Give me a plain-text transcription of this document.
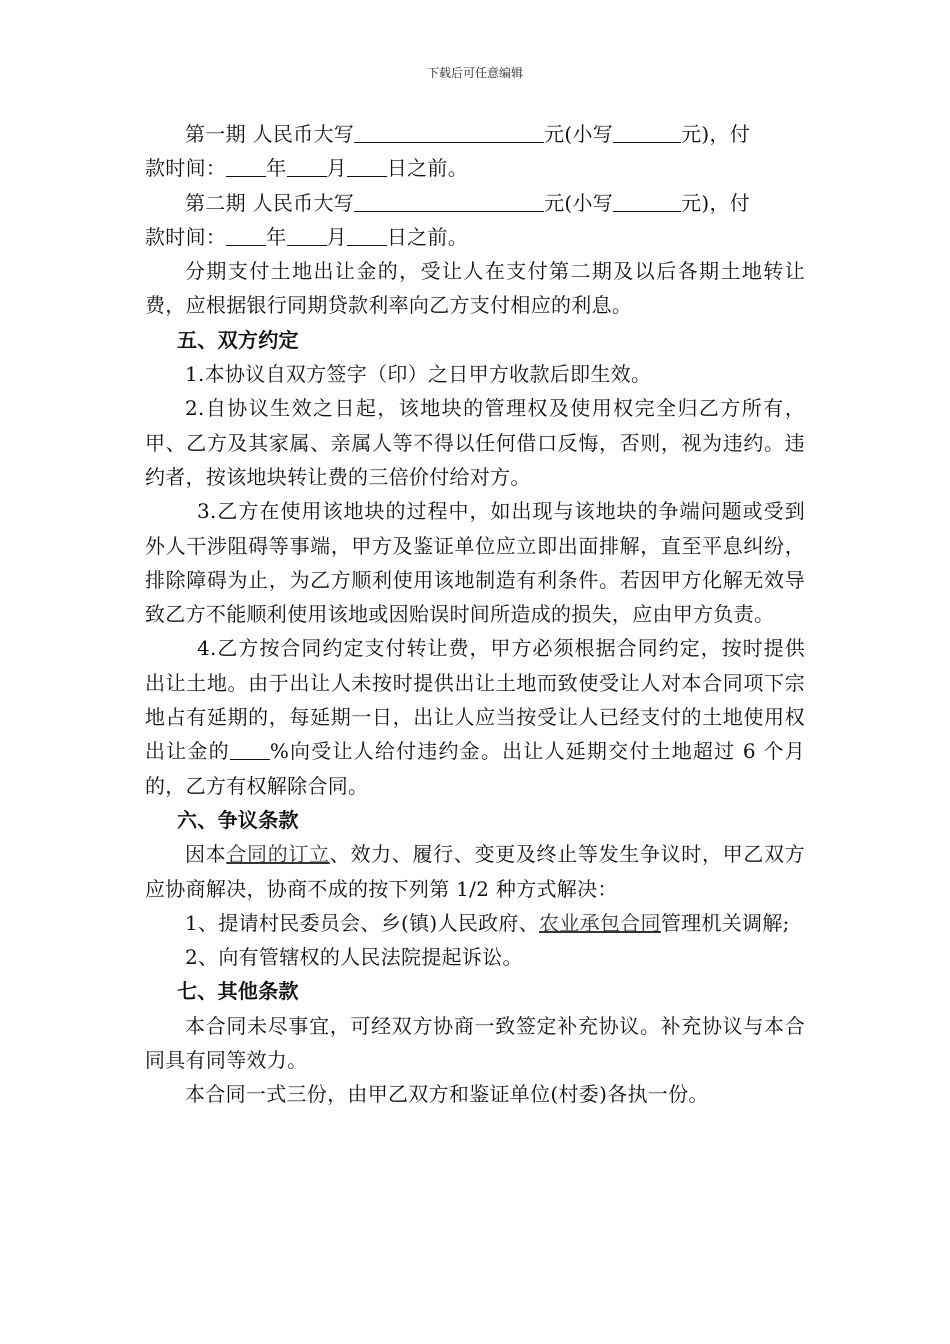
下载后可任意编辑

第一期 人民币大写	元(小写	元)，付
款时间： 年 月 日之前。

第二期 人民币大写	元(小写	元)，付
款时间： 年 月 日之前。

分期支付土地出让金的，受让人在支付第二期及以后各期土地转让费，应根据银行同期贷款利率向乙方支付相应的利息。

五、双方约定

1.本协议自双方签字（印）之日甲方收款后即生效。

2.自协议生效之日起，该地块的管理权及使用权完全归乙方所有，甲、乙方及其家属、亲属人等不得以任何借口反悔，否则，视为违约。违约者，按该地块转让费的三倍价付给对方。

3.乙方在使用该地块的过程中，如出现与该地块的争端问题或受到外人干涉阻碍等事端，甲方及鉴证单位应立即出面排解，直至平息纠纷，排除障碍为止，为乙方顺利使用该地制造有利条件。若因甲方化解无效导致乙方不能顺利使用该地或因贻误时间所造成的损失，应由甲方负责。

4.乙方按合同约定支付转让费，甲方必须根据合同约定，按时提供出让土地。由于出让人未按时提供出让土地而致使受让人对本合同项下宗地占有延期的，每延期一日，出让人应当按受让人已经支付的土地使用权出让金的 %向受让人给付违约金。出让人延期交付土地超过 6 个月的，乙方有权解除合同。

六、争议条款

因本合同的订立、效力、履行、变更及终止等发生争议时，甲乙双方应协商解决，协商不成的按下列第 1/2 种方式解决：

1、提请村民委员会、乡(镇)人民政府、农业承包合同管理机关调解;

2、向有管辖权的人民法院提起诉讼。

七、其他条款

本合同未尽事宜，可经双方协商一致签定补充协议。补充协议与本合同具有同等效力。

本合同一式三份，由甲乙双方和鉴证单位(村委)各执一份。
